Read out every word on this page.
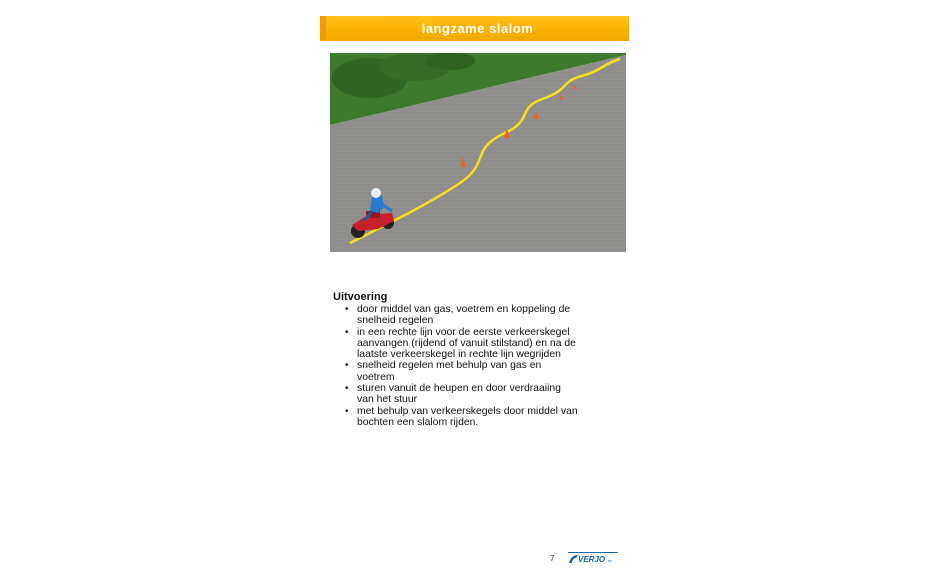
langzame slalom
Uitvoering
• door middel van gas, voetrem en koppeling de
snelheid regelen
• in een rechte lijn voor de eerste verkeerskegel
aanvangen (rijdend of vanuit stilstand) en na de
laatste verkeerskegel in rechte lijn wegrijden
• snelheid regelen met behulp van gas en
voetrem
• sturen vanuit de heupen en door verdraaiing
van het stuur
• met behulp van verkeerskegels door middel van
bochten een slalom rijden.
7	VERJO bv
